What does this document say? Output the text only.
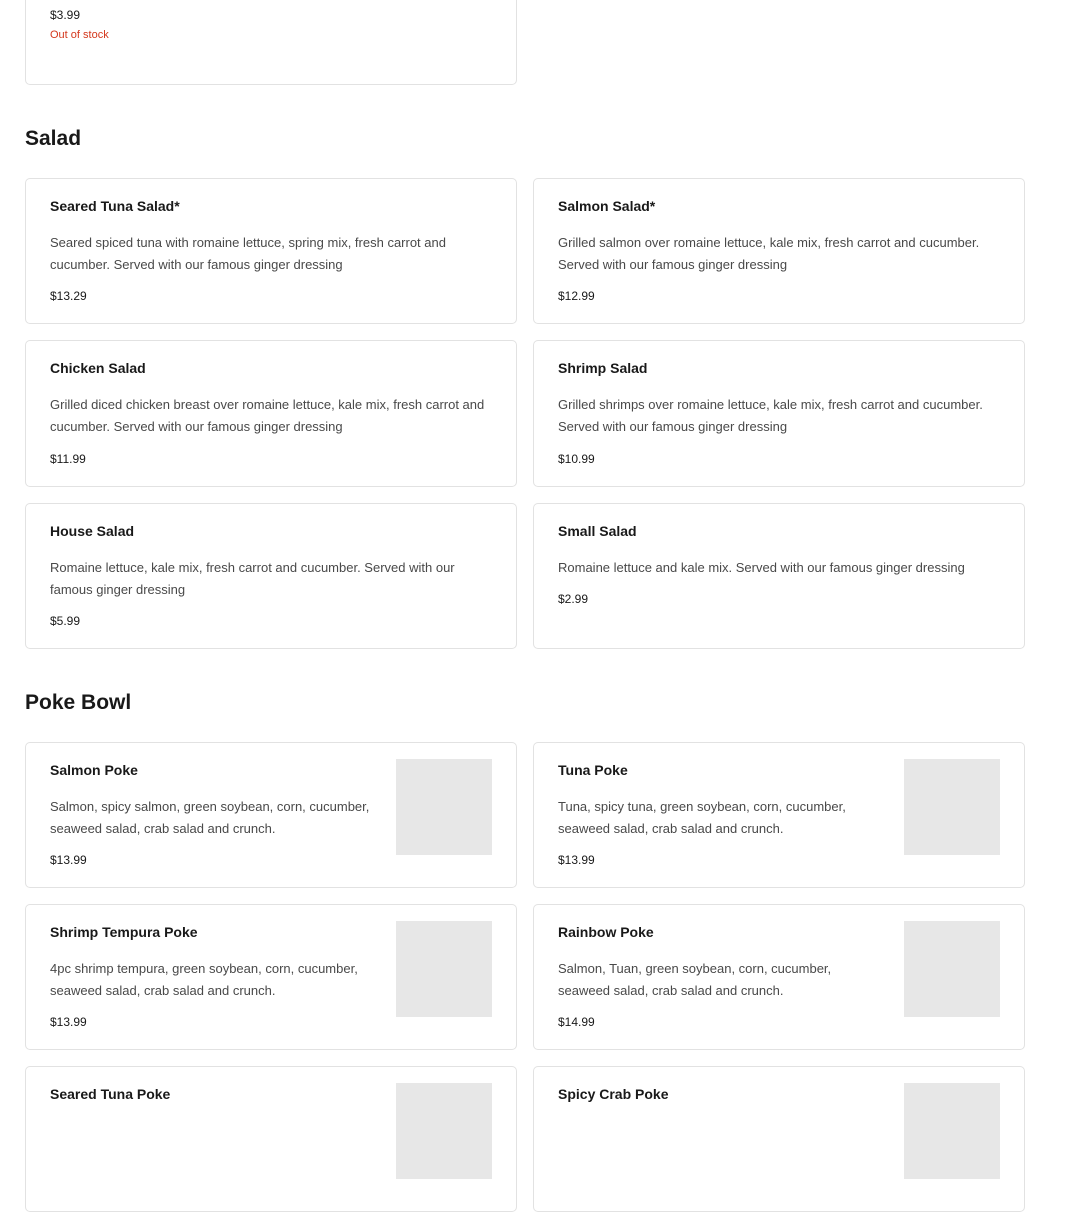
$3.99
Out of stock
Salad
Seared Tuna Salad*
Seared spiced tuna with romaine lettuce, spring mix, fresh carrot and cucumber. Served with our famous ginger dressing
$13.29
Salmon Salad*
Grilled salmon over romaine lettuce, kale mix, fresh carrot and cucumber. Served with our famous ginger dressing
$12.99
Chicken Salad
Grilled diced chicken breast over romaine lettuce, kale mix, fresh carrot and cucumber. Served with our famous ginger dressing
$11.99
Shrimp Salad
Grilled shrimps over romaine lettuce, kale mix, fresh carrot and cucumber. Served with our famous ginger dressing
$10.99
House Salad
Romaine lettuce, kale mix, fresh carrot and cucumber. Served with our famous ginger dressing
$5.99
Small Salad
Romaine lettuce and kale mix. Served with our famous ginger dressing
$2.99
Poke Bowl
Salmon Poke
Salmon, spicy salmon, green soybean, corn, cucumber, seaweed salad, crab salad and crunch.
$13.99
Tuna Poke
Tuna, spicy tuna, green soybean, corn, cucumber, seaweed salad, crab salad and crunch.
$13.99
Shrimp Tempura Poke
4pc shrimp tempura, green soybean, corn, cucumber, seaweed salad, crab salad and crunch.
$13.99
Rainbow Poke
Salmon, Tuan, green soybean, corn, cucumber, seaweed salad, crab salad and crunch.
$14.99
Seared Tuna Poke	Spicy Crab Poke
